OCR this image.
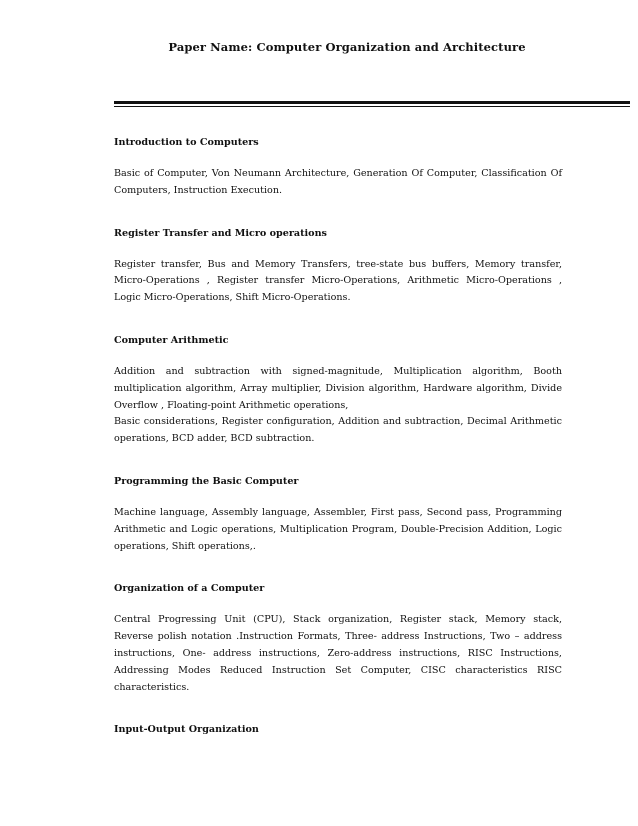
Paper Name: Computer Organization and Architecture
Introduction to Computers

Basic of Computer, Von Neumann Architecture, Generation Of Computer, Classification Of Computers, Instruction Execution.

Register Transfer and Micro operations

Register transfer, Bus and Memory Transfers, tree-state bus buffers, Memory transfer, Micro-Operations , Register transfer Micro-Operations, Arithmetic Micro-Operations , Logic Micro-Operations, Shift Micro-Operations.

Computer Arithmetic

Addition and subtraction with signed-magnitude, Multiplication algorithm, Booth multiplication algorithm, Array multiplier, Division algorithm, Hardware algorithm, Divide Overflow , Floating-point Arithmetic operations,

Basic considerations, Register configuration, Addition and subtraction, Decimal Arithmetic operations, BCD adder, BCD subtraction.

Programming the Basic Computer

Machine language, Assembly language, Assembler, First pass, Second pass, Programming Arithmetic and Logic operations, Multiplication Program, Double-Precision Addition, Logic operations, Shift operations,.

Organization of a Computer

Central Progressing Unit (CPU), Stack organization, Register stack, Memory stack, Reverse polish notation .Instruction Formats, Three- address Instructions, Two – address instructions, One- address instructions, Zero-address instructions, RISC Instructions, Addressing Modes Reduced Instruction Set Computer, CISC characteristics RISC characteristics.

Input-Output Organization
